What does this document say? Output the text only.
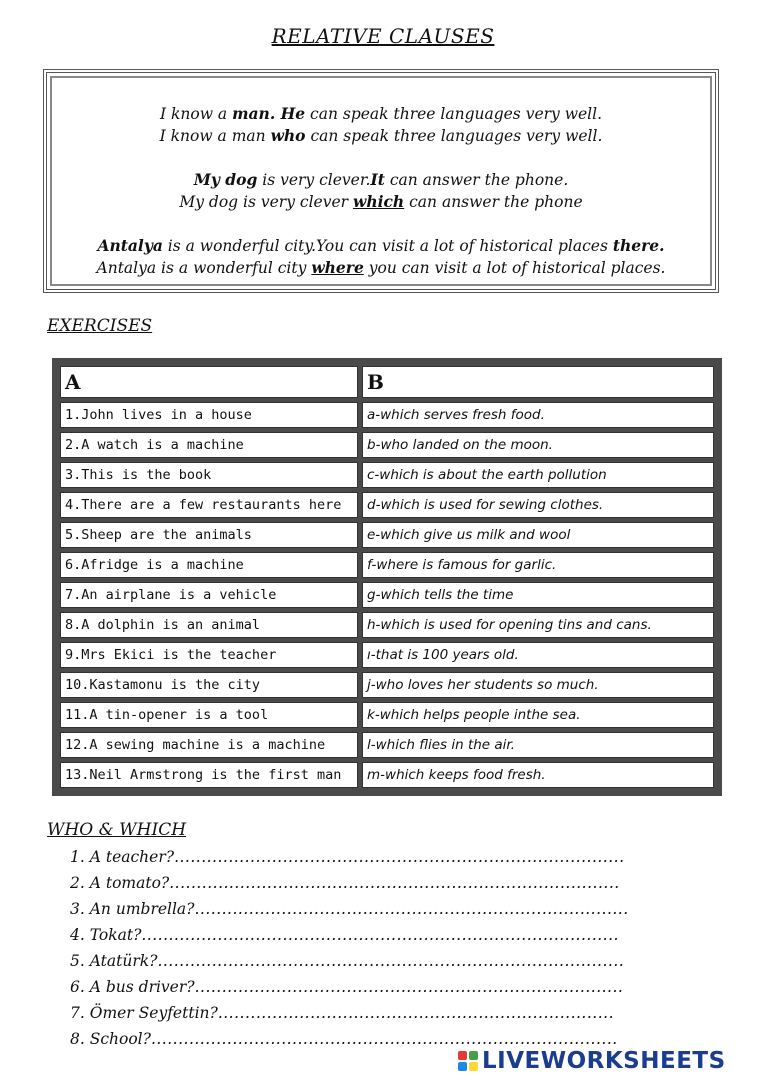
RELATIVE CLAUSES
I know a man. He can speak three languages very well.
I know a man who can speak three languages very well.
My dog is very clever.It can answer the phone.
My dog is very clever which can answer the phone
Antalya is a wonderful city.You can visit a lot of historical places there.
Antalya is a wonderful city where you can visit a lot of historical places.
EXERCISES
A	B
1.John lives in a house	a-which serves fresh food.
2.A watch is a machine	b-who landed on the moon.
3.This is the book	c-which is about the earth pollution
4.There are a few restaurants here	d-which is used for sewing clothes.
5.Sheep are the animals	e-which give us milk and wool
6.Afridge is a machine	f-where is famous for garlic.
7.An airplane is a vehicle	g-which tells the time
8.A dolphin is an animal	h-which is used for opening tins and cans.
9.Mrs Ekici is the teacher	ı-that is 100 years old.
10.Kastamonu is the city	j-who loves her students so much.
11.A tin-opener is a tool	k-which helps people inthe sea.
12.A sewing machine is a machine	l-which flies in the air.
13.Neil Armstrong is the first man	m-which keeps food fresh.
WHO & WHICH
1. A teacher?...................................................................................
2. A tomato?...................................................................................
3. An umbrella?................................................................................
4. Tokat?........................................................................................
5. Atatürk?......................................................................................
6. A bus driver?...............................................................................
7. Ömer Seyfettin?.........................................................................
8. School?......................................................................................
LIVEWORKSHEETS
